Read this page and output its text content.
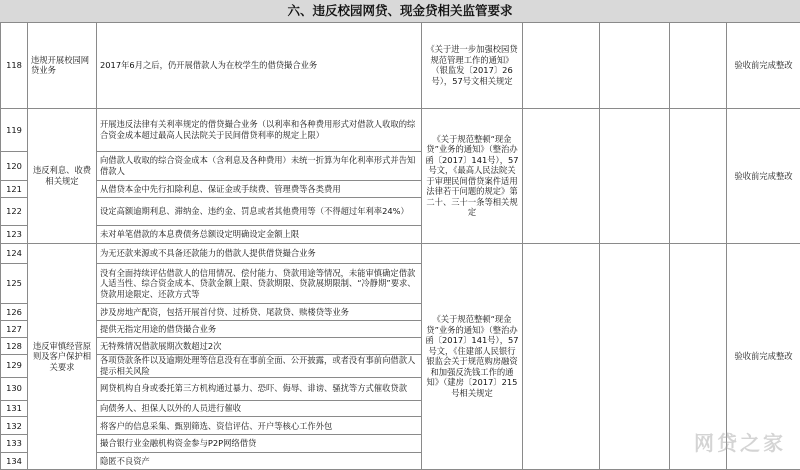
六、违反校园网贷、现金贷相关监管要求
118	违规开展校园网贷业务	2017年6月之后，仍开展借款人为在校学生的借贷撮合业务	《关于进一步加强校园贷规范管理工作的通知》（银监发〔2017〕26号），57号文相关规定				验收前完成整改
119	违反利息、收费相关规定	开展违反法律有关利率规定的借贷撮合业务（以利率和各种费用形式对借款人收取的综合资金成本超过最高人民法院关于民间借贷利率的规定上限）	《关于规范整顿“现金贷”业务的通知》（整治办函〔2017〕141号），57号文，《最高人民法院关于审理民间借贷案件适用法律若干问题的规定》第二十、三十一条等相关规定				验收前完成整改
120		向借款人收取的综合资金成本（含利息及各种费用）未统一折算为年化利率形式并告知借款人					
121		从借贷本金中先行扣除利息、保证金或手续费、管理费等各类费用					
122		设定高额逾期利息、滞纳金、违约金、罚息或者其他费用等（不得超过年利率24%）					
123		未对单笔借款的本息费债务总额设定明确设定金额上限					
124	违反审慎经营原则及客户保护相关要求	为无还款来源或不具备还款能力的借款人提供借贷撮合业务	《关于规范整顿“现金贷”业务的通知》（整治办函〔2017〕141号），57号文，《住建部人民银行银监会关于规范购房融资和加强反洗钱工作的通知》（建房〔2017〕215号相关规定				验收前完成整改
125		没有全面持续评估借款人的信用情况、偿付能力、贷款用途等情况，未能审慎确定借款人适当性、综合资金成本、贷款金额上限、贷款期限、贷款展期限制、“冷静期”要求、贷款用途限定、还款方式等					
126		涉及房地产配资，包括开展首付贷、过桥贷、尾款贷、赎楼贷等业务					
127		提供无指定用途的借贷撮合业务					
128		无特殊情况借款展期次数超过2次					
129		各项贷款条件以及逾期处理等信息没有在事前全面、公开披露，或者没有事前向借款人提示相关风险					
130		网贷机构自身或委托第三方机构通过暴力、恐吓、侮辱、诽谤、骚扰等方式催收贷款					
131		向债务人、担保人以外的人员进行催收					
132		将客户的信息采集、甄别筛选、资信评估、开户等核心工作外包					
133		撮合银行业金融机构资金参与P2P网络借贷					
134		隐匿不良资产					
网贷之家
